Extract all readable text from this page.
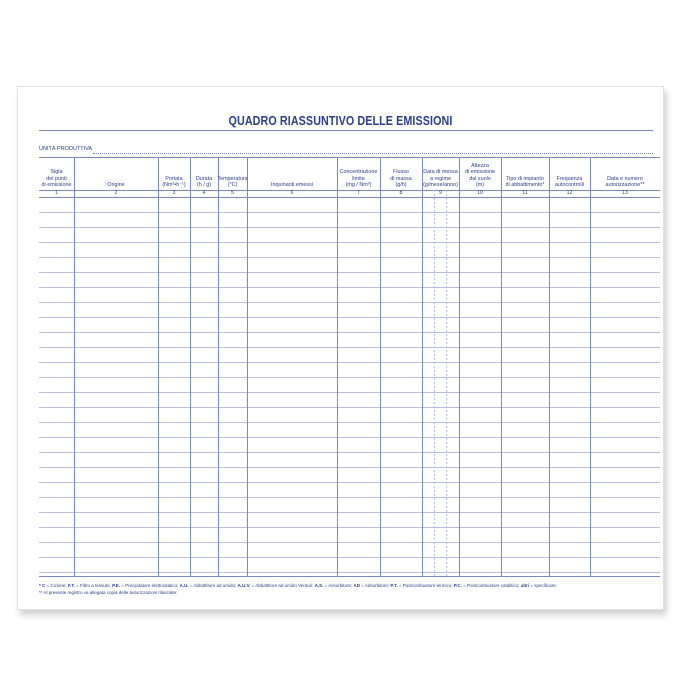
QUADRO RIASSUNTIVO DELLE EMISSIONI
UNITÀ PRODUTTIVA
Sigla
dei punti
di emissione
1
Origine
2
Portata
(Nm³•h⁻¹)
3
Durata
(h / g)
4
Temperatura
(°C)
5
Inquinanti emessi
6
Concentrazione
limite
(mg / Nm³)
7
Flusso
di massa
(g/h)
8
Data di messa
a regime
(g/mese/anno)
9
Altezza
di emissione
dal suolo
(m)
10
Tipo di impianto
di abbattimento*
11
Frequenza
autocontrolli
12
Data e numero
autorizzazione**
13
* C = Ciclone; F.T. = Filtro a tessuto; P.E. = Precipitatore elettrostatico; A.U. = Abbattitore ad umido; A.U.V. = Abbattitore ad umido Venturi; A.S. = Assorbitore; AD = Adsorbitore; P.T. = Postcombustore termico; P.C. = Postcombustore catalitico; altri = specificare.
** Al presente registro va allegata copia delle autorizzazioni rilasciate.
